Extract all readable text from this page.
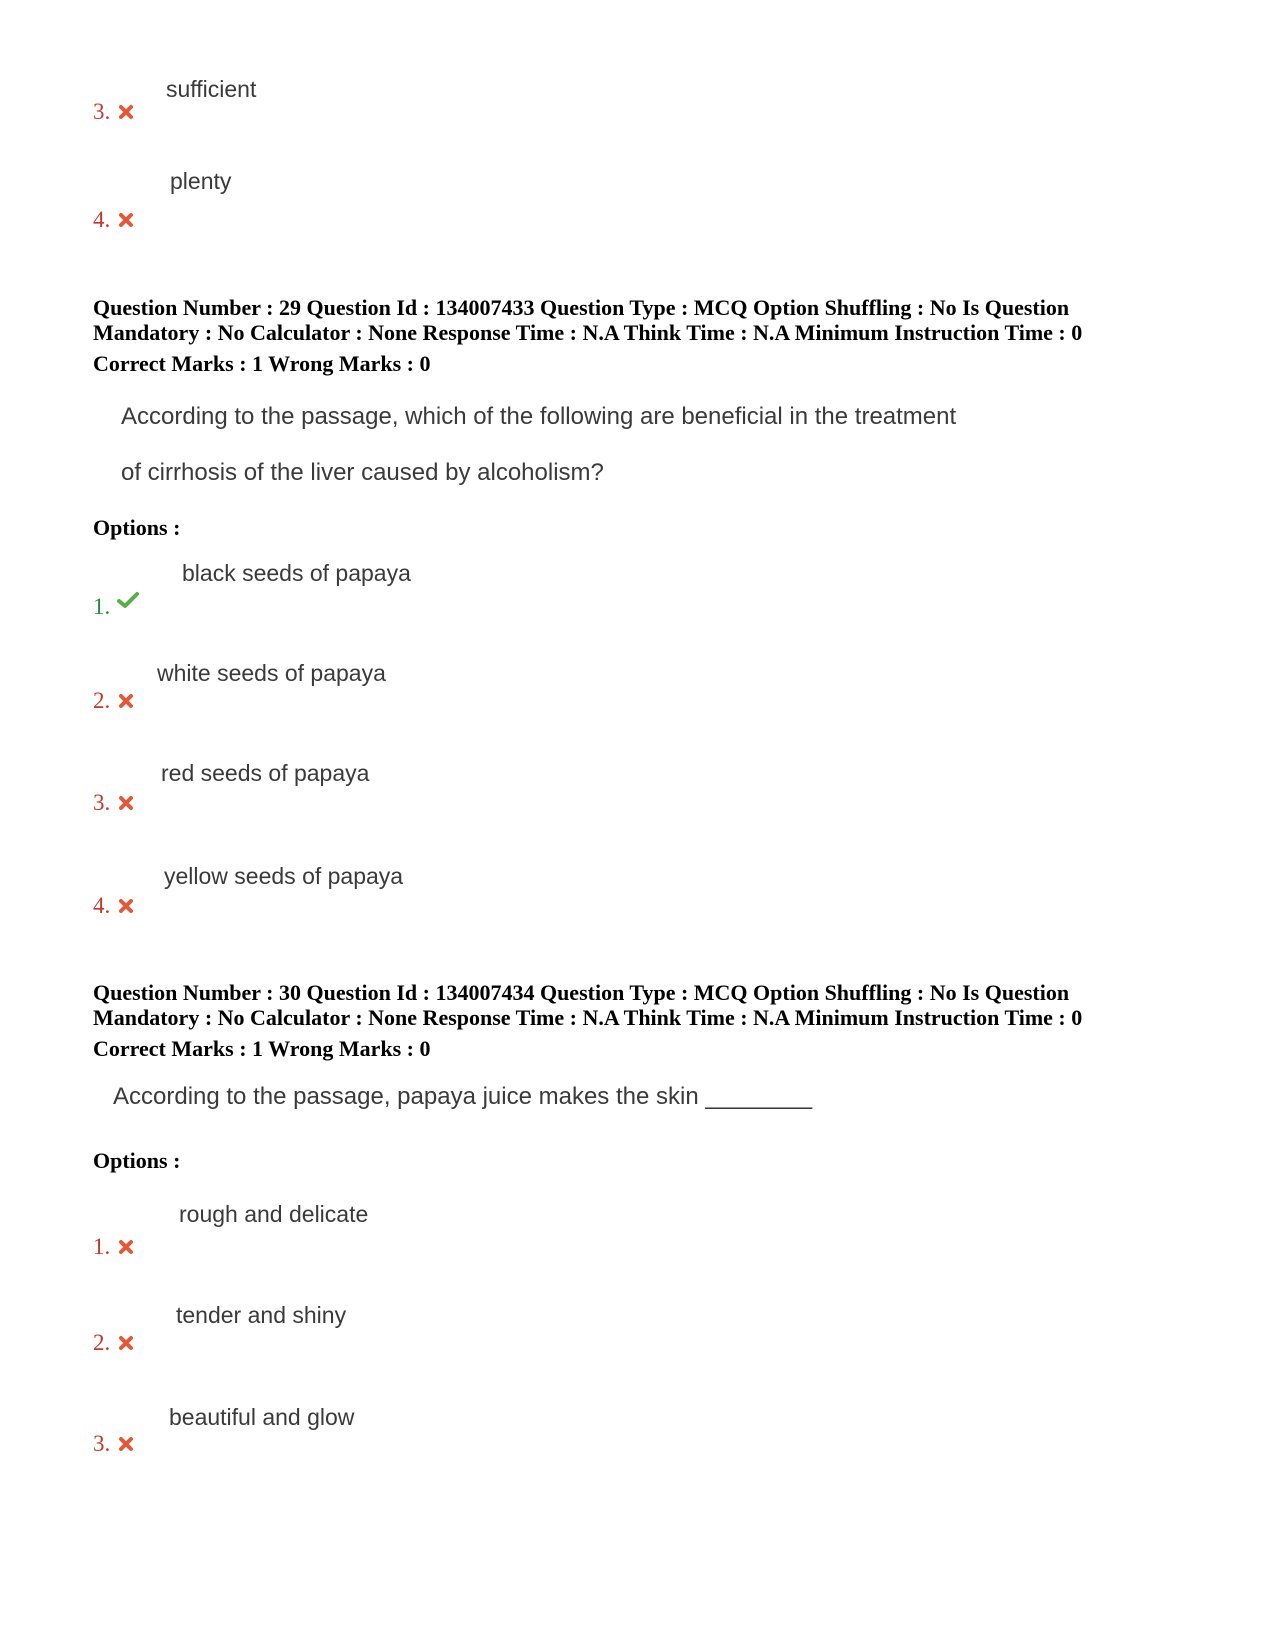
sufficient
3.
plenty
4.
Question Number : 29 Question Id : 134007433 Question Type : MCQ Option Shuffling : No Is Question
Mandatory : No Calculator : None Response Time : N.A Think Time : N.A Minimum Instruction Time : 0
Correct Marks : 1 Wrong Marks : 0
According to the passage, which of the following are beneficial in the treatment
of cirrhosis of the liver caused by alcoholism?
Options :
black seeds of papaya
1.
white seeds of papaya
2.
red seeds of papaya
3.
yellow seeds of papaya
4.
Question Number : 30 Question Id : 134007434 Question Type : MCQ Option Shuffling : No Is Question
Mandatory : No Calculator : None Response Time : N.A Think Time : N.A Minimum Instruction Time : 0
Correct Marks : 1 Wrong Marks : 0
According to the passage, papaya juice makes the skin ________
Options :
rough and delicate
1.
tender and shiny
2.
beautiful and glow
3.
